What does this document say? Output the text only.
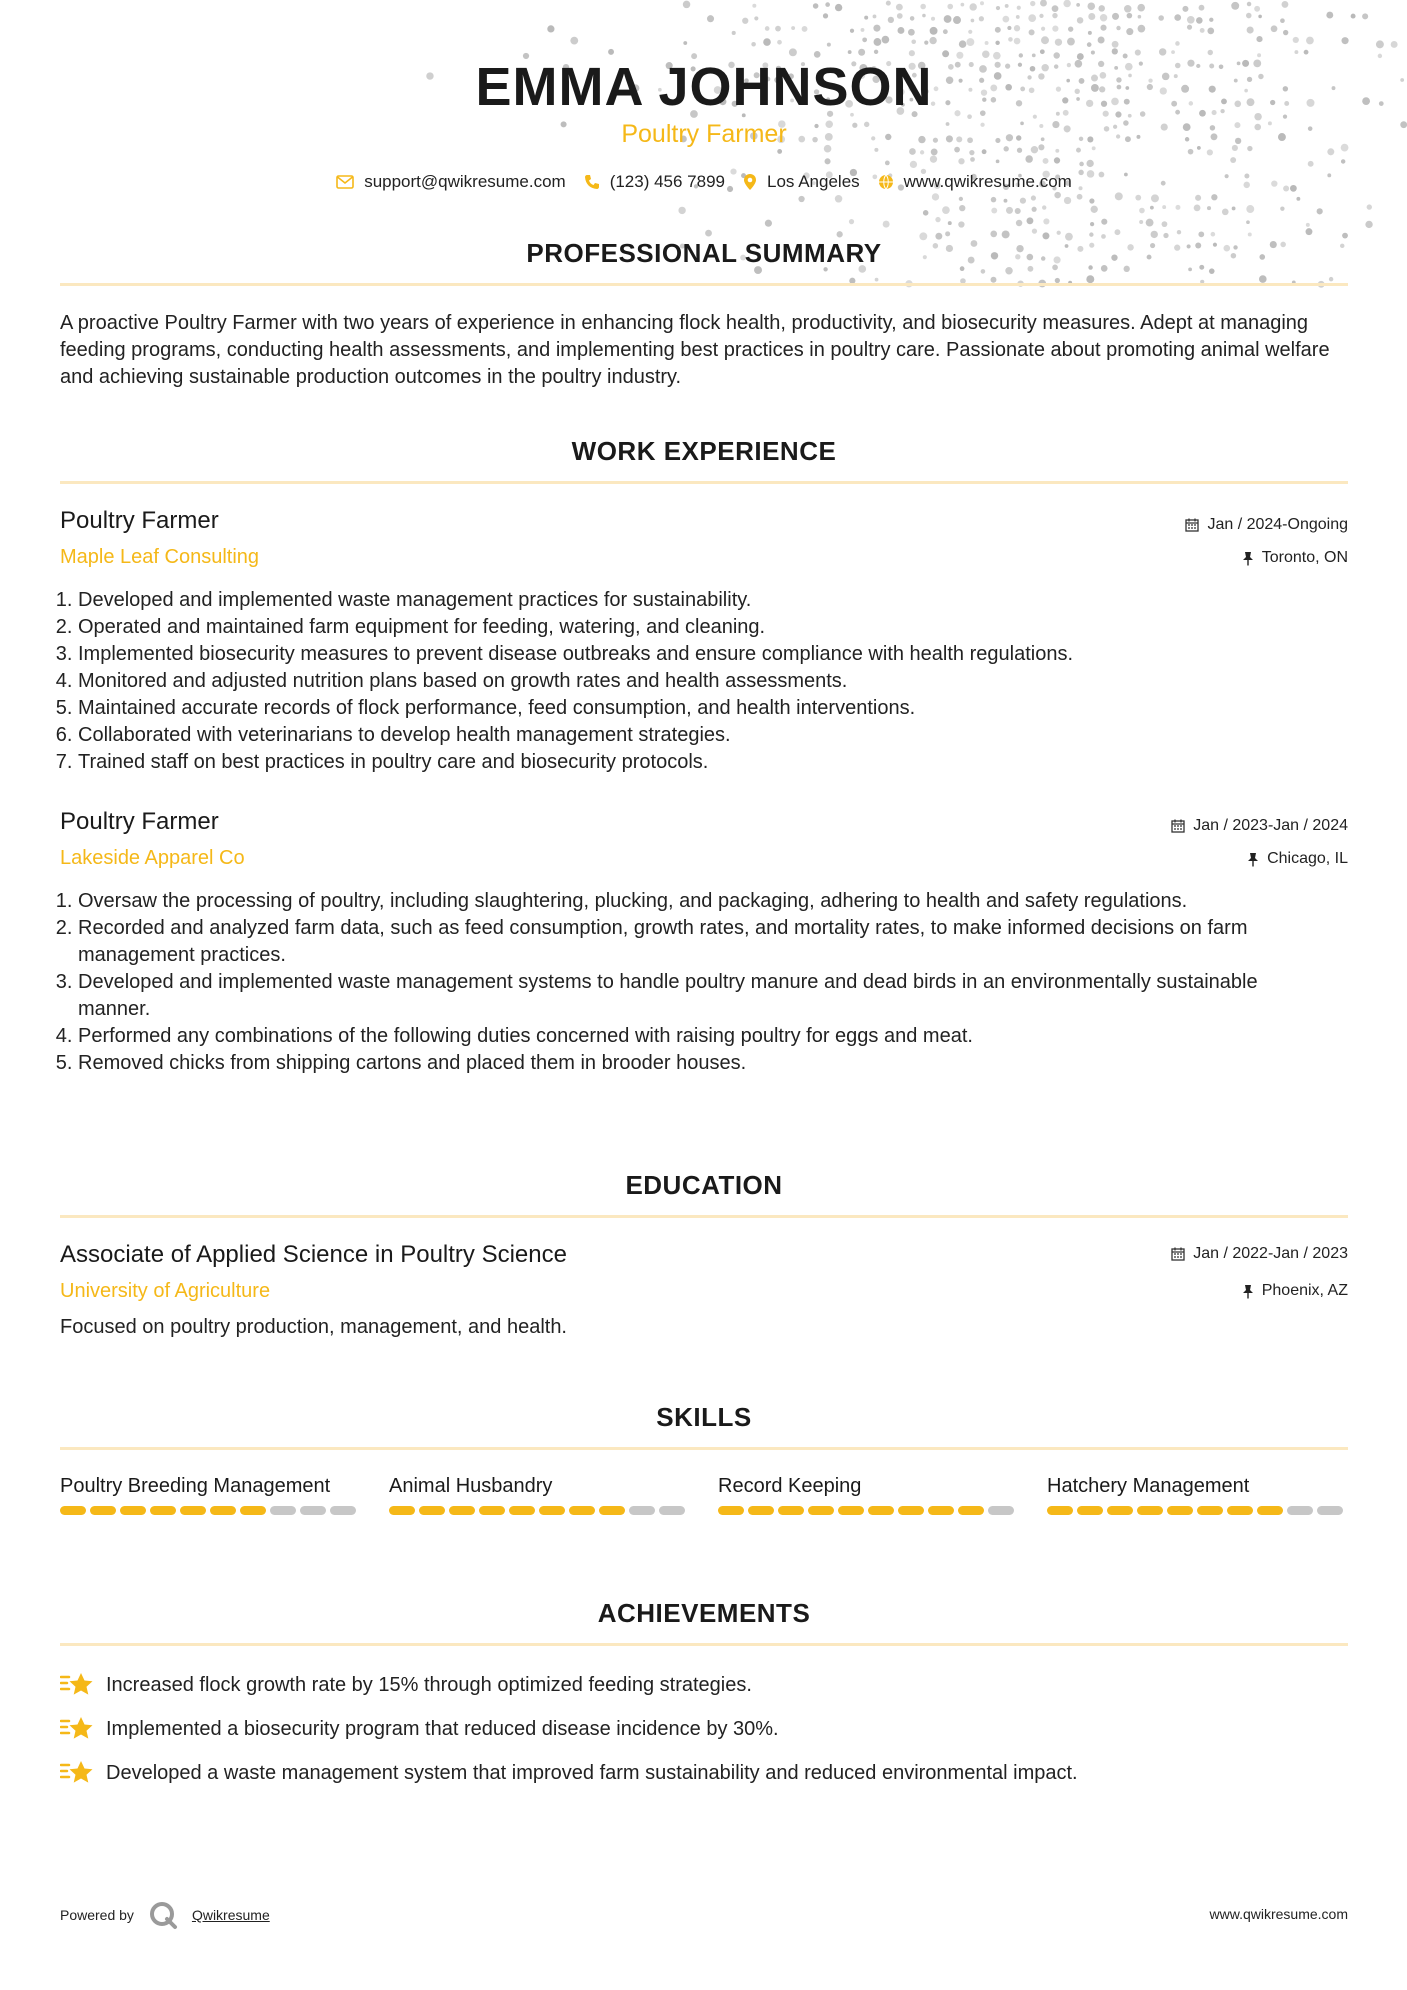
EMMA JOHNSON
Poultry Farmer
support@qwikresume.com	(123) 456 7899 Los Angeles	www.qwikresume.com
PROFESSIONAL SUMMARY
A proactive Poultry Farmer with two years of experience in enhancing flock health, productivity, and biosecurity measures. Adept at managing feeding programs, conducting health assessments, and implementing best practices in poultry care. Passionate about promoting animal welfare and achieving sustainable production outcomes in the poultry industry.
WORK EXPERIENCE
Poultry Farmer
Maple Leaf Consulting
Jan / 2024-Ongoing
Toronto, ON
1. Developed and implemented waste management practices for sustainability.
2. Operated and maintained farm equipment for feeding, watering, and cleaning.
3. Implemented biosecurity measures to prevent disease outbreaks and ensure compliance with health regulations.
4. Monitored and adjusted nutrition plans based on growth rates and health assessments.
5. Maintained accurate records of flock performance, feed consumption, and health interventions.
6. Collaborated with veterinarians to develop health management strategies.
7. Trained staff on best practices in poultry care and biosecurity protocols.
Poultry Farmer
Lakeside Apparel Co
Jan / 2023-Jan / 2024
Chicago, IL
1. Oversaw the processing of poultry, including slaughtering, plucking, and packaging, adhering to health and safety regulations.
2. Recorded and analyzed farm data, such as feed consumption, growth rates, and mortality rates, to make informed decisions on farm management practices.
3. Developed and implemented waste management systems to handle poultry manure and dead birds in an environmentally sustainable manner.
4. Performed any combinations of the following duties concerned with raising poultry for eggs and meat.
5. Removed chicks from shipping cartons and placed them in brooder houses.
EDUCATION
Associate of Applied Science in Poultry Science
University of Agriculture
Jan / 2022-Jan / 2023
Phoenix, AZ
Focused on poultry production, management, and health.
SKILLS
Poultry Breeding Management	Animal Husbandry	Record Keeping	Hatchery Management
ACHIEVEMENTS
Increased flock growth rate by 15% through optimized feeding strategies.
Implemented a biosecurity program that reduced disease incidence by 30%.
Developed a waste management system that improved farm sustainability and reduced environmental impact.
Powered by	Qwikresume	www.qwikresume.com
